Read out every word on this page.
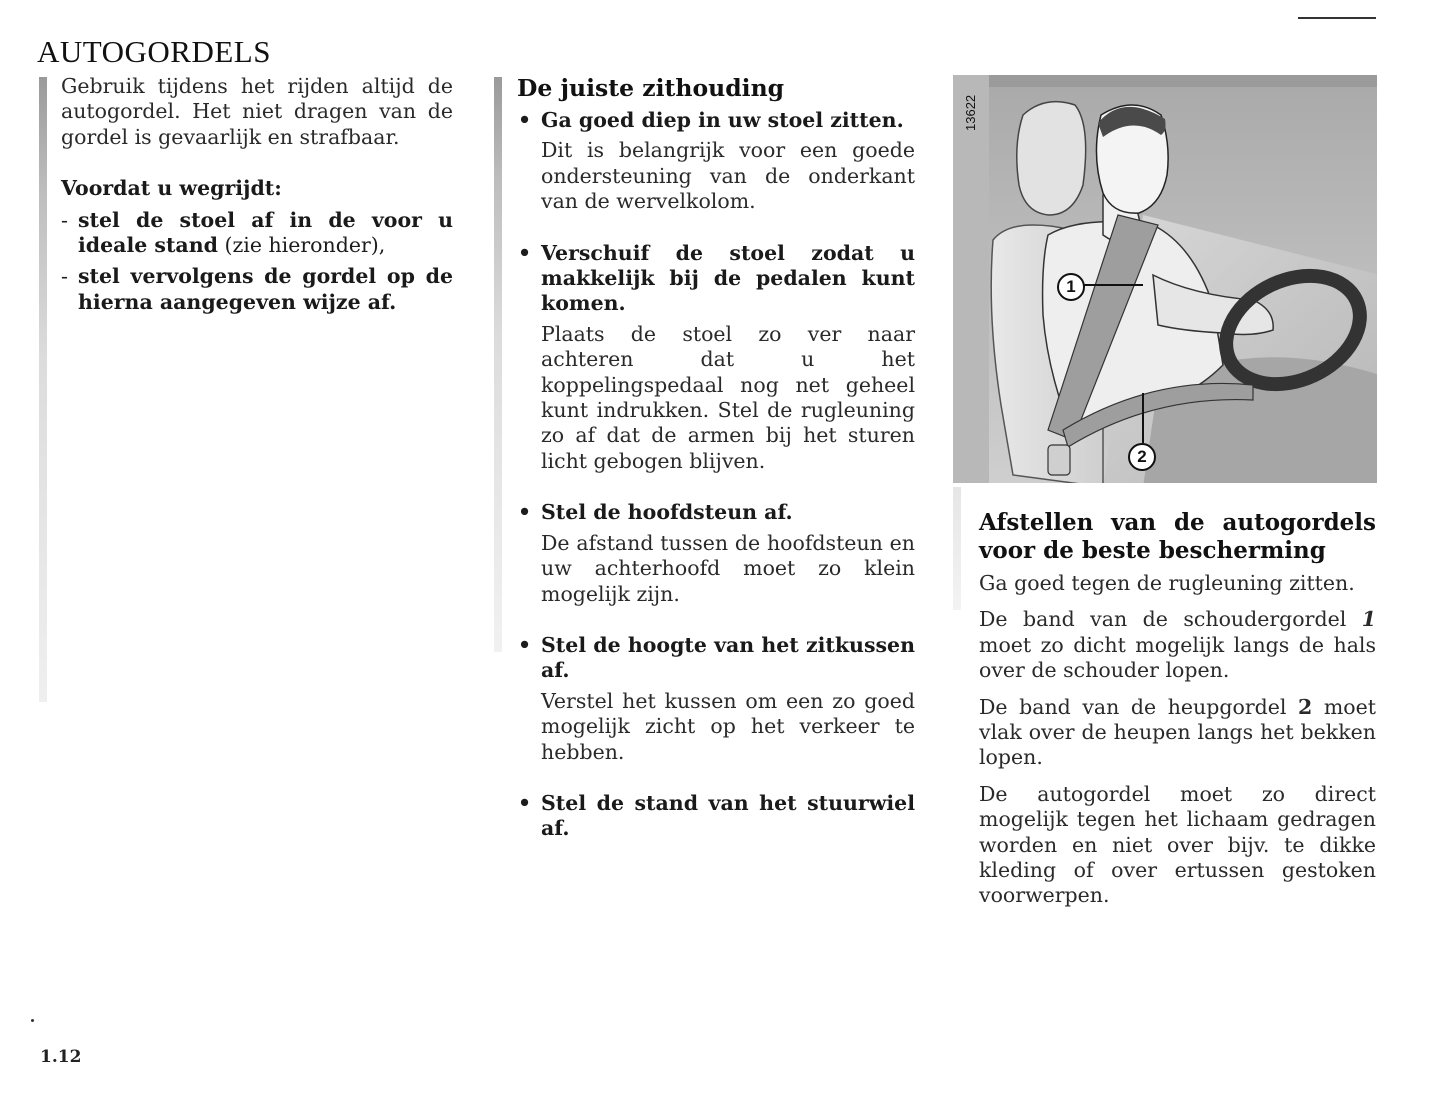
AUTOGORDELS

Gebruik tijdens het rijden altijd de autogordel. Het niet dragen van de gordel is gevaarlijk en strafbaar.

Voordat u wegrijdt:

- stel de stoel af in de voor u ideale stand (zie hieronder),

- stel vervolgens de gordel op de hierna aangegeven wijze af.

De juiste zithouding
• Ga goed diep in uw stoel zitten.

Dit is belangrijk voor een goede ondersteuning van de onderkant van de wervelkolom.

• Verschuif de stoel zodat u makkelijk bij de pedalen kunt komen.

Plaats de stoel zo ver naar achteren dat u het koppelingspedaal nog net geheel kunt indrukken. Stel de rugleuning zo af dat de armen bij het sturen licht gebogen blijven.

• Stel de hoofdsteun af.

De afstand tussen de hoofdsteun en uw achterhoofd moet zo klein mogelijk zijn.

• Stel de hoogte van het zitkussen af.

Verstel het kussen om een zo goed mogelijk zicht op het verkeer te hebben.

• Stel de stand van het stuurwiel af.

13622
1
2
Afstellen van de autogordels voor de beste bescherming

Ga goed tegen de rugleuning zitten.

De band van de schoudergordel 1 moet zo dicht mogelijk langs de hals over de schouder lopen.

De band van de heupgordel 2 moet vlak over de heupen langs het bekken lopen.

De autogordel moet zo direct mogelijk tegen het lichaam gedragen worden en niet over bijv. te dikke kleding of over ertussen gestoken voorwerpen.

1.12
